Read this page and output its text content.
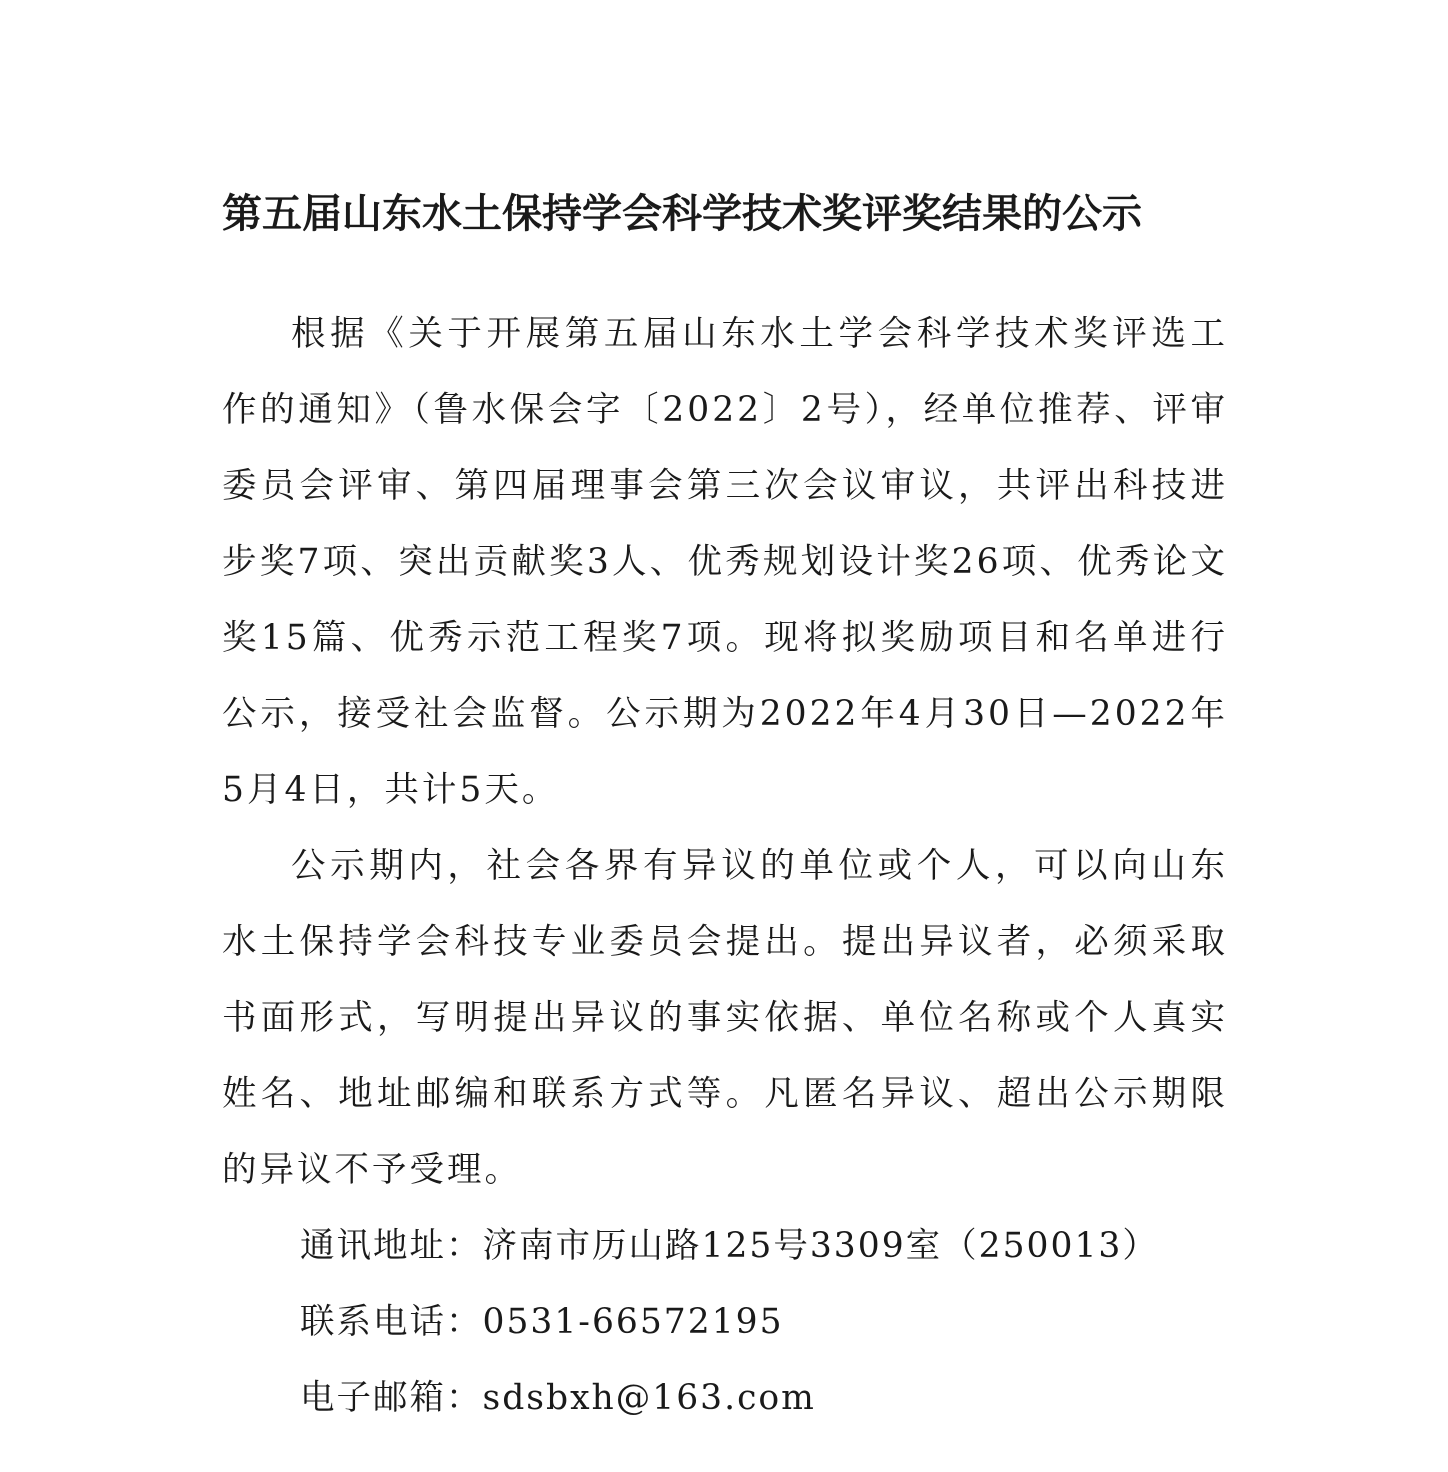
第五届山东水土保持学会科学技术奖评奖结果的公示

根据《关于开展第五届山东水土学会科学技术奖评选工作的通知》（鲁水保会字〔2022〕2号），经单位推荐、评审委员会评审、第四届理事会第三次会议审议，共评出科技进步奖7项、突出贡献奖3人、优秀规划设计奖26项、优秀论文奖15篇、优秀示范工程奖7项。现将拟奖励项目和名单进行公示，接受社会监督。公示期为2022年4月30日—2022年5月4日，共计5天。

公示期内，社会各界有异议的单位或个人，可以向山东水土保持学会科技专业委员会提出。提出异议者，必须采取书面形式，写明提出异议的事实依据、单位名称或个人真实姓名、地址邮编和联系方式等。凡匿名异议、超出公示期限的异议不予受理。

通讯地址：济南市历山路125号3309室（250013）

联系电话：0531-66572195

电子邮箱：sdsbxh@163.com
